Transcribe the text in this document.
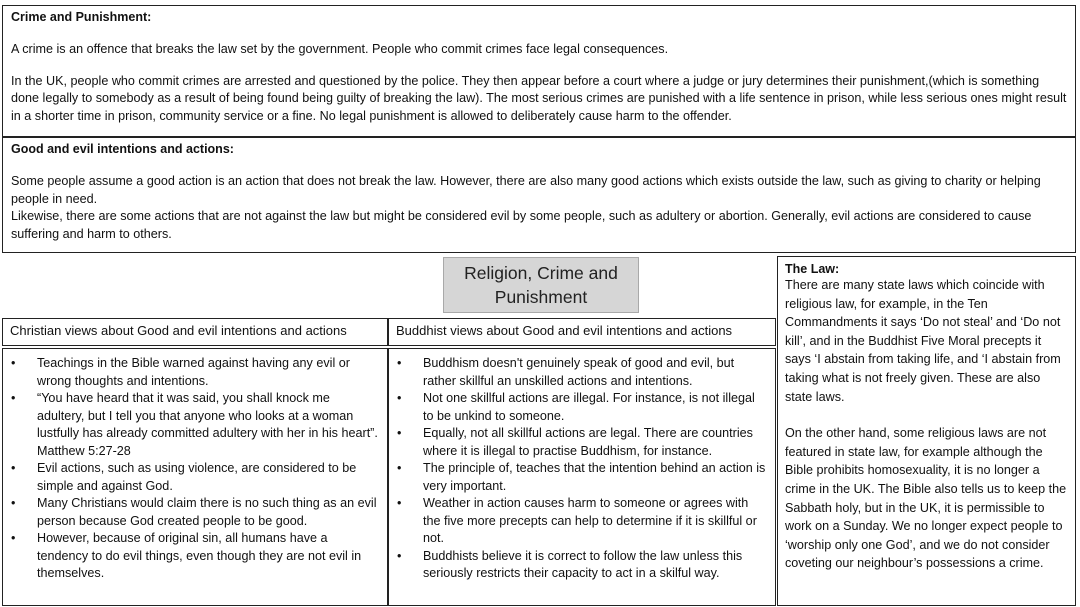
Crime and Punishment:

A crime is an offence that breaks the law set by the government. People who commit crimes face legal consequences.

In the UK, people who commit crimes are arrested and questioned by the police. They then appear before a court where a judge or jury determines their punishment,(which is something done legally to somebody as a result of being found being guilty of breaking the law). The most serious crimes are punished with a life sentence in prison, while less serious ones might result in a shorter time in prison, community service or a fine. No legal punishment is allowed to deliberately cause harm to the offender.

Good and evil intentions and actions:

Some people assume a good action is an action that does not break the law. However, there are also many good actions which exists outside the law, such as giving to charity or helping people in need.

Likewise, there are some actions that are not against the law but might be considered evil by some people, such as adultery or abortion. Generally, evil actions are considered to cause suffering and harm to others.

Religion, Crime and
Punishment
Christian views about Good and evil intentions and actions	Buddhist views about Good and evil intentions and actions
• Teachings in the Bible warned against having any evil or wrong thoughts and intentions.
• “You have heard that it was said, you shall knock me adultery, but I tell you that anyone who looks at a woman lustfully has already committed adultery with her in his heart”. Matthew 5:27-28
• Evil actions, such as using violence, are considered to be simple and against God.
• Many Christians would claim there is no such thing as an evil person because God created people to be good.
• However, because of original sin, all humans have a tendency to do evil things, even though they are not evil in themselves.
• Buddhism doesn't genuinely speak of good and evil, but rather skillful an unskilled actions and intentions.
• Not one skillful actions are illegal. For instance, is not illegal to be unkind to someone.
• Equally, not all skillful actions are legal. There are countries where it is illegal to practise Buddhism, for instance.
• The principle of, teaches that the intention behind an action is very important.
• Weather in action causes harm to someone or agrees with the five more precepts can help to determine if it is skillful or not.
• Buddhists believe it is correct to follow the law unless this seriously restricts their capacity to act in a skilful way.
The Law:

There are many state laws which coincide with religious law, for example, in the Ten Commandments it says ‘Do not steal’ and ‘Do not kill’, and in the Buddhist Five Moral precepts it says ‘I abstain from taking life, and ‘I abstain from taking what is not freely given. These are also state laws.

On the other hand, some religious laws are not featured in state law, for example although the Bible prohibits homosexuality, it is no longer a crime in the UK. The Bible also tells us to keep the Sabbath holy, but in the UK, it is permissible to work on a Sunday. We no longer expect people to ‘worship only one God’, and we do not consider coveting our neighbour’s possessions a crime.
